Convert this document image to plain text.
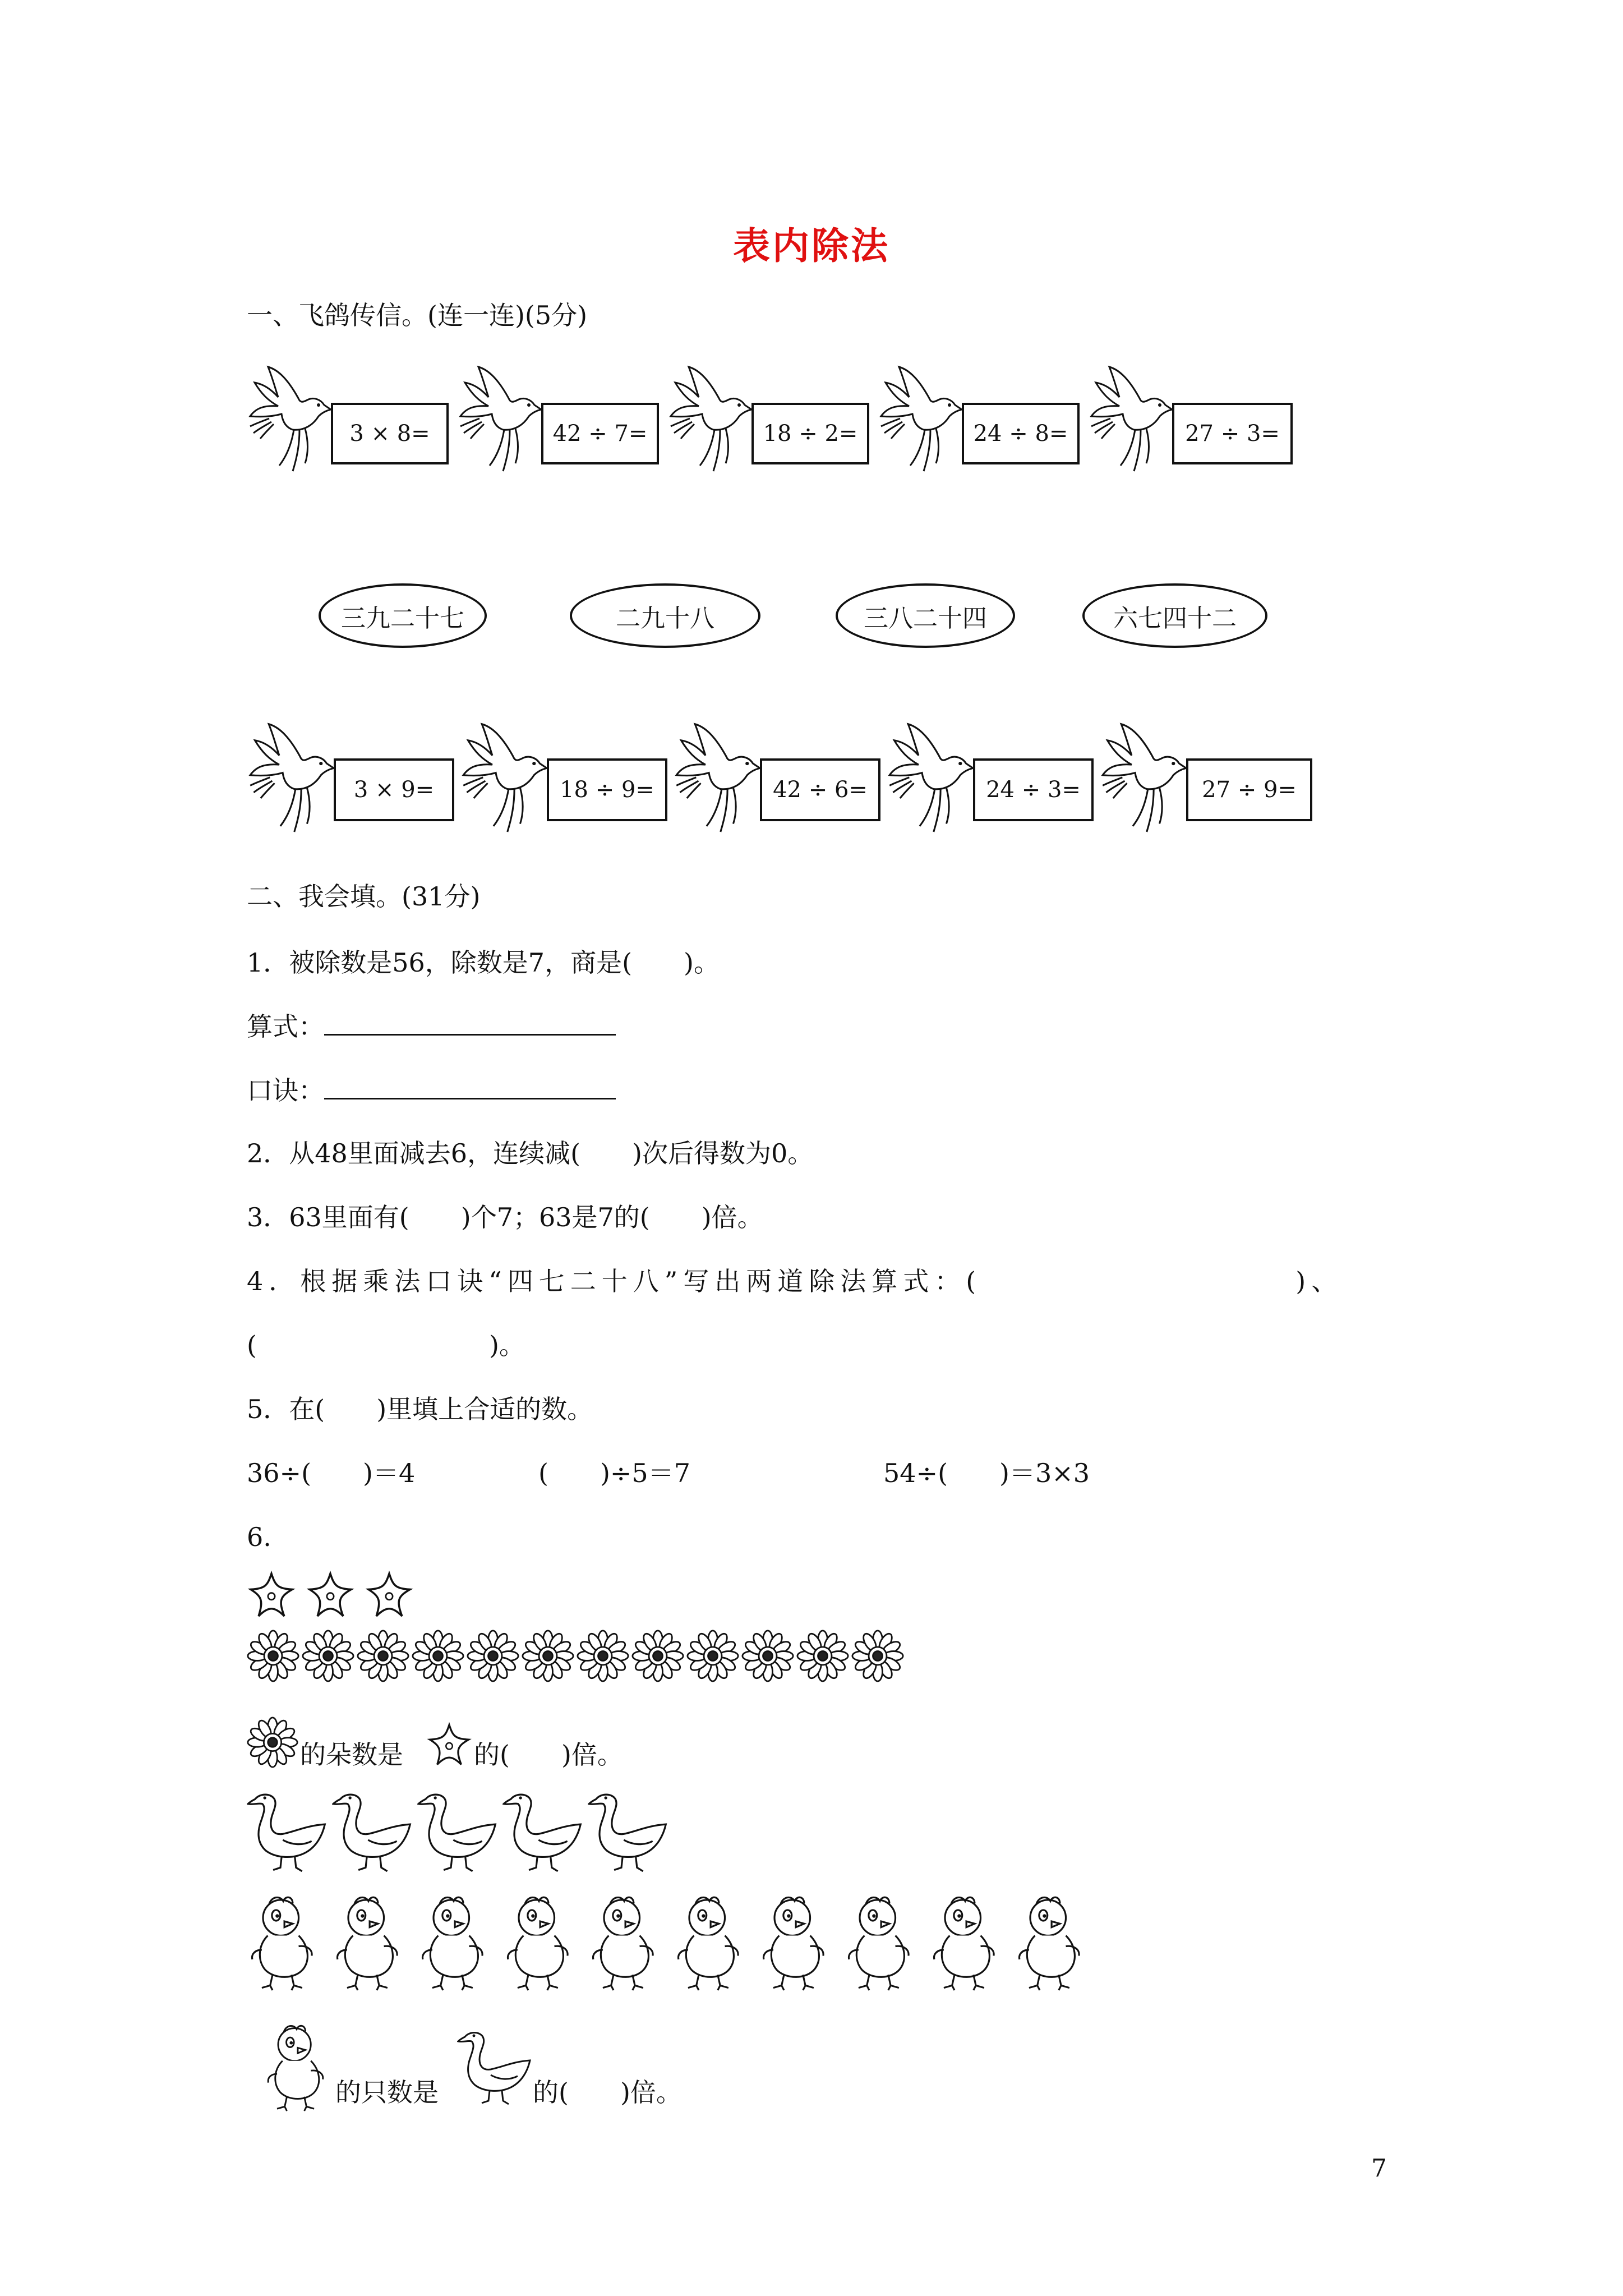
表内除法
一、飞鸽传信。(连一连)(5分)
3 × 8=	42 ÷ 7=	18 ÷ 2=	24 ÷ 8=	27 ÷ 3=
三九二十七	二九十八	三八二十四	六七四十二
3 × 9=	18 ÷ 9=	42 ÷ 6=	24 ÷ 3=	27 ÷ 9=
二、我会填。(31分)
1．被除数是56，除数是7，商是(　　)。
算式：
口诀：
2．从48里面减去6，连续减(　　)次后得数为0。
3．63里面有(　　)个7；63是7的(　　)倍。
4．根据乘法口诀“四七二十八”写出两道除法算式：(　　　　　　　　　　)、
(　　　　　　　　　)。
5．在(　　)里填上合适的数。
36÷(　　)＝4	(　　)÷5＝7	54÷(　　)＝3×3
6.
的朵数是	的(　　)倍。
的只数是	的(　　)倍。
7
